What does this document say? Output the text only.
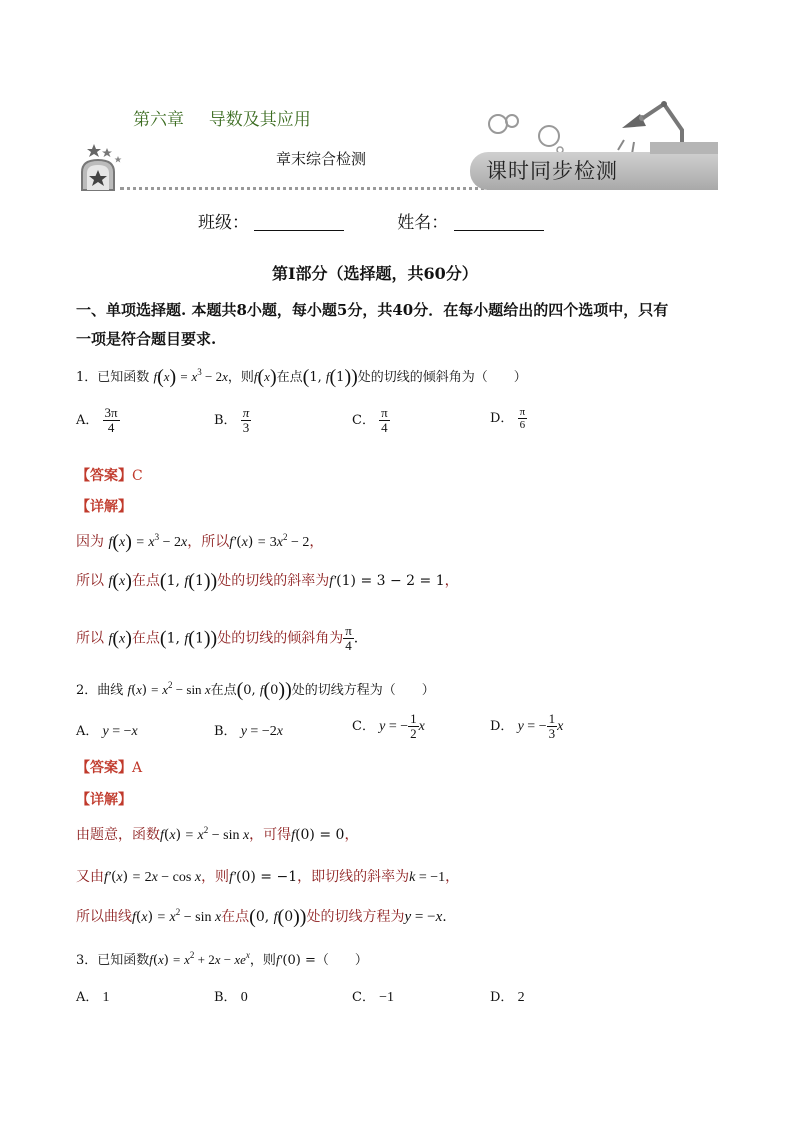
第六章 导数及其应用
章末综合检测	课时同步检测
班级：	姓名：
第Ⅰ部分（选择题，共60分）
一、单项选择题. 本题共8小题，每小题5分，共40分．在每小题给出的四个选项中，只有
一项是符合题目要求.
1．已知函数 $f(x) = x^3 - 2x$，则f(x)在点(1, f(1))处的切线的倾斜角为（　　）
A． $\frac{3\pi}{4}$	B． $\frac{\pi}{3}$	C． $\frac{\pi}{4}$	D． $\frac{\pi}{6}$
【答案】C
【详解】
因为 $f(x) = x^3 - 2x$，所以$f'(x) = 3x^2 - 2$，
所以 f(x)在点(1, f(1))处的切线的斜率为f′(1) = 3 − 2 = 1，
所以 f(x)在点(1, f(1))处的切线的倾斜角为 $\frac{\pi}{4}$ .
2．曲线 $f(x) = x^2 - \sin x$在点(0, f(0))处的切线方程为（　　）
A． y = −x	B． y = −2x	C． y = − $\frac{1}{2}$ x	D． y = − $\frac{1}{3}$ x
【答案】A
【详解】
由题意，函数$f(x) = x^2 - \sin x$，可得f(0) = 0，
又由f′(x) = 2x − cos x，则f′(0) = −1，即切线的斜率为k = −1，
所以曲线$f(x) = x^2 - \sin x$在点(0, f(0))处的切线方程为y = −x.
3．已知函数$f(x) = x^2 + 2x - xe^x$，则f′(0) =（　　）
A． 1	B． 0	C． −1	D． 2
